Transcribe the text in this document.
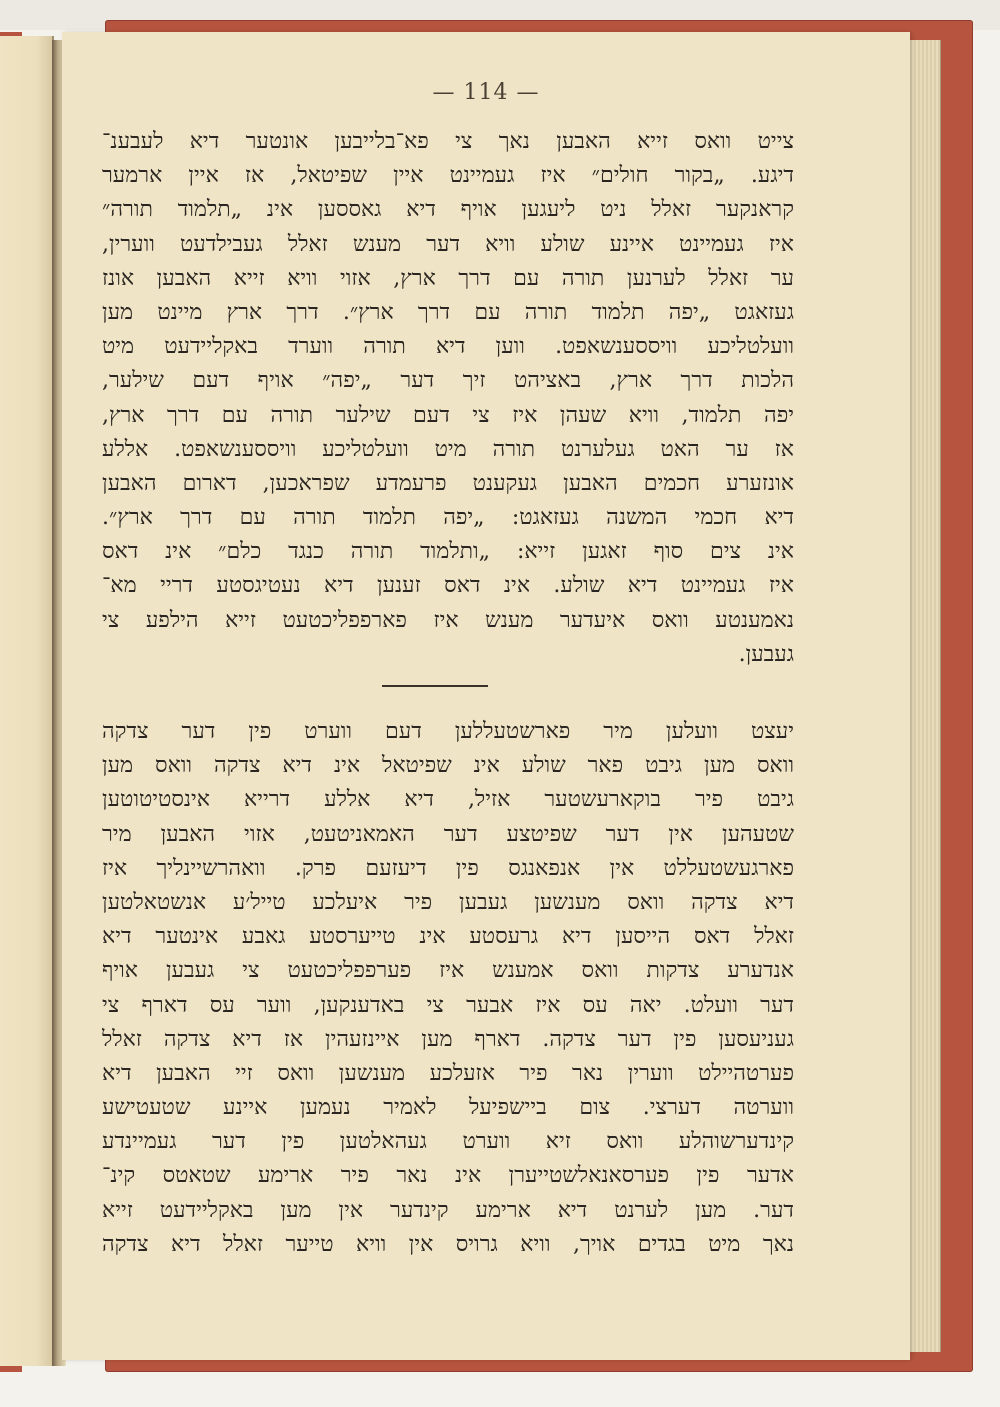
— 114 —
צייט וואס זייא האבען נאך צי פא־בלייבען אונטער דיא לעבענ־
דיגע. „בקור חולים״ איז געמיינט איין שפיטאל, אז איין ארמער
קראנקער זאלל ניט ליעגען אויף דיא גאססען אינ „תלמוד תורה״
איז געמיינט איינע שולע וויא דער מענש זאלל געבילדעט ווערין,
ער זאלל לערנען תורה עם דרך ארץ, אזוי וויא זייא האבען אונז
געזאגט „יפה תלמוד תורה עם דרך ארץ״. דרך ארץ מיינט מען
וועלטליכע וויססענשאפט. ווען דיא תורה ווערד באקליידעט מיט
הלכות דרך ארץ, באציהט זיך דער „יפה״ אויף דעם שילער,
יפה תלמוד, וויא שעהן איז צי דעם שילער תורה עם דרך ארץ,
אז ער האט געלערנט תורה מיט וועלטליכע וויססענשאפט. אללע
אונזערע חכמים האבען געקענט פרעמדע שפראכען, דארום האבען
דיא חכמי המשנה געזאגט: „יפה תלמוד תורה עם דרך ארץ״.
אינ צים סוף זאגען זייא: „ותלמוד תורה כנגד כלם״ אינ דאס
איז געמיינט דיא שולע. אינ דאס זענען דיא נעטיגסטע דריי מא־
נאמענטע וואס איעדער מענש איז פארפפליכטעט זייא הילפע צי
געבען.
יעצט וועלען מיר פארשטעללען דעם ווערט פין דער צדקה
וואס מען גיבט פאר שולע אינ שפיטאל אינ דיא צדקה וואס מען
גיבט פיר בוקארעשטער אזיל, דיא אללע דרייא אינסטיטוטען
שטעהען אין דער שפיטצע דער האמאניטעט, אזוי האבען מיר
פארגעשטעללט אין אנפאנגס פין דיעזעם פרק. וואהרשיינליך איז
דיא צדקה וואס מענשען געבען פיר איעלכע טייל׳ע אנשטאלטען
זאלל דאס הייסען דיא גרעסטע אינ טייערסטע גאבע אינטער דיא
אנדערע צדקות וואס אמענש איז פערפפליכטעט צי געבען אויף
דער וועלט. יאה עס איז אבער צי באדענקען, ווער עס דארף צי
געניעסען פין דער צדקה. דארף מען איינזעהין אז דיא צדקה זאלל
פערטהיילט ווערין נאר פיר אזעלכע מענשען וואס זיי האבען דיא
ווערטה דערצי. צום ביישפיעל לאמיר נעמען איינע שטעטישע
קינדערשוהלע וואס זיא ווערט געהאלטען פין דער געמיינדע
אדער פין פערסאנאלשטייערן אינ נאר פיר ארימע שטאטס קינ־
דער. מען לערנט דיא ארימע קינדער אין מען באקליידעט זייא
נאך מיט בגדים אויך, וויא גרויס אין וויא טייער זאלל דיא צדקה
